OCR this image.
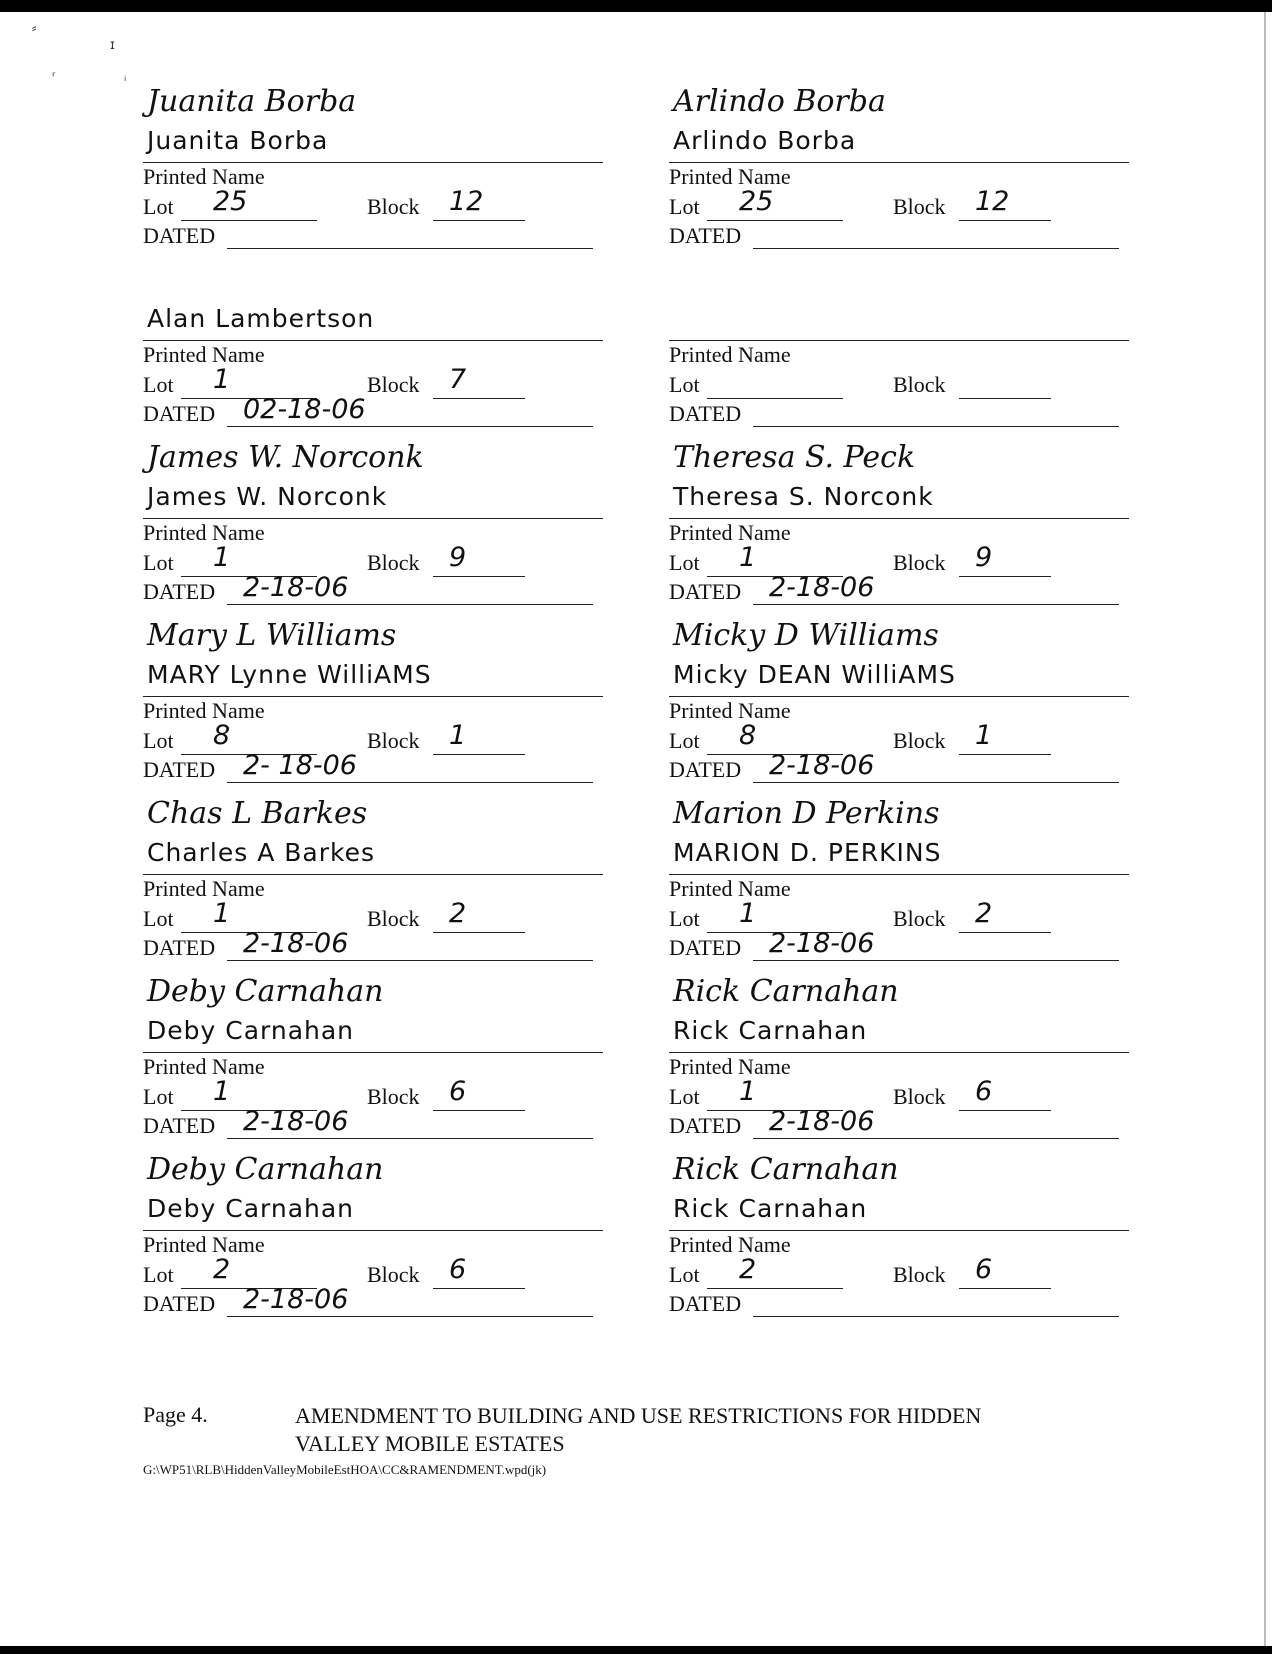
⸗
ɪ
ʳ	ᵢ
Juanita Borba
Juanita Borba
Printed Name
Lot 25	Block 12
DATED
Arlindo Borba
Arlindo Borba
Printed Name
Lot 25	Block 12
DATED
Alan Lambertson
Printed Name
Lot 1	Block 7
DATED 02-18-06
Printed Name
Lot	Block
DATED
James W. Norconk
James W. Norconk
Printed Name
Lot 1	Block 9
DATED 2-18-06
Theresa S. Peck
Theresa S. Norconk
Printed Name
Lot 1	Block 9
DATED 2-18-06
Mary L Williams
MARY Lynne WilliAMS
Printed Name
Lot 8	Block 1
DATED 2- 18-06
Micky D Williams
Micky DEAN WilliAMS
Printed Name
Lot 8	Block 1
DATED 2-18-06
Chas L Barkes
Charles A Barkes
Printed Name
Lot 1	Block 2
DATED 2-18-06
Marion D Perkins
MARION D. PERKINS
Printed Name
Lot 1	Block 2
DATED 2-18-06
Deby Carnahan
Deby Carnahan
Printed Name
Lot 1	Block 6
DATED 2-18-06
Rick Carnahan
Rick Carnahan
Printed Name
Lot 1	Block 6
DATED 2-18-06
Deby Carnahan
Deby Carnahan
Printed Name
Lot 2	Block 6
DATED 2-18-06
Rick Carnahan
Rick Carnahan
Printed Name
Lot 2	Block 6
DATED
Page 4.	AMENDMENT TO BUILDING AND USE RESTRICTIONS FOR HIDDEN
VALLEY MOBILE ESTATES
G:\WP51\RLB\HiddenValleyMobileEstHOA\CC&RAMENDMENT.wpd(jk)
